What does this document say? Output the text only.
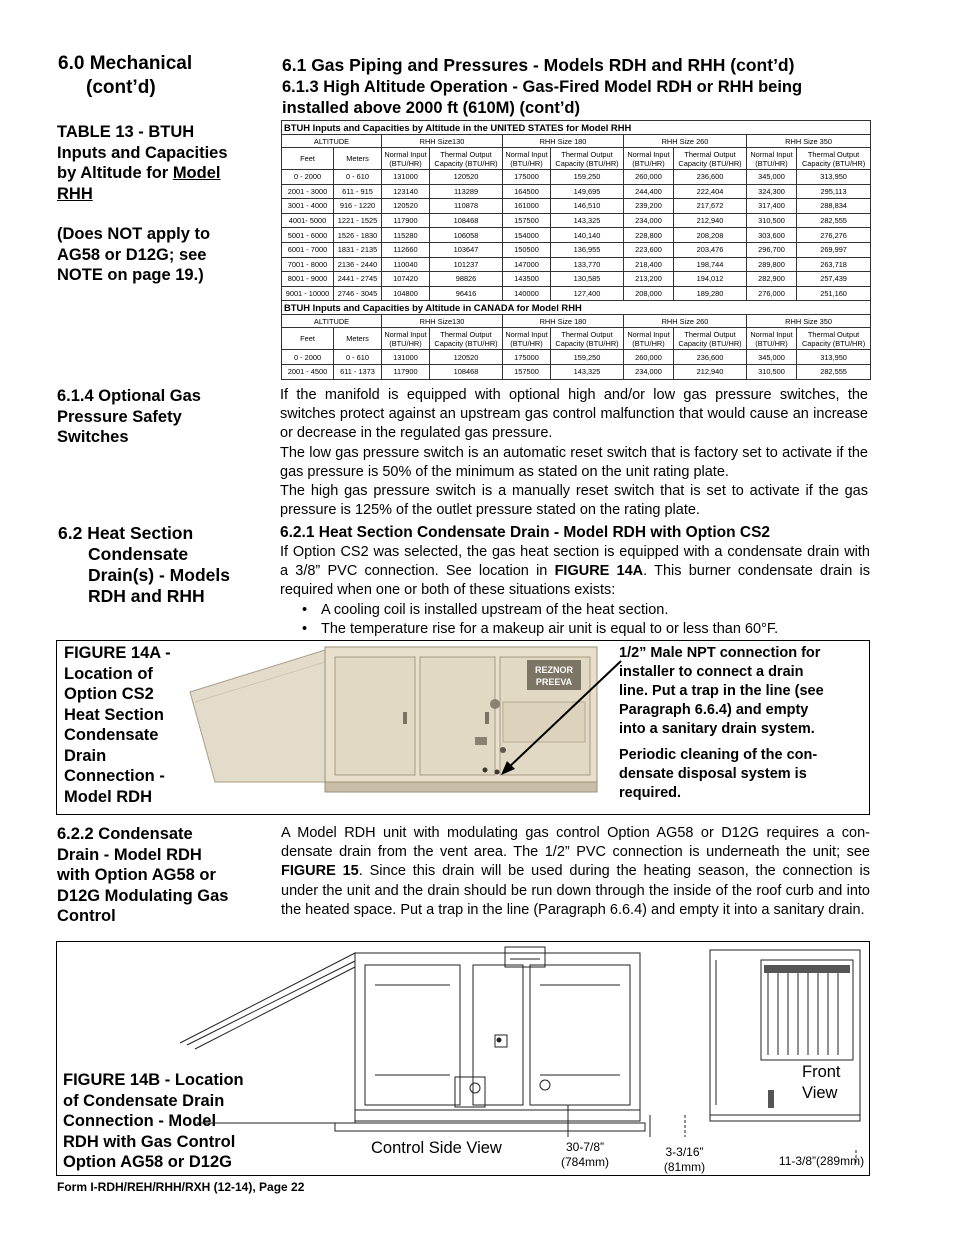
6.0 Mechanical
(cont’d)
6.1 Gas Piping and Pressures - Models RDH and RHH (cont’d)
6.1.3 High Altitude Operation - Gas-Fired Model RDH or RHH being
installed above 2000 ft (610M) (cont’d)
TABLE 13 - BTUH
Inputs and Capacities
by Altitude for Model
RHH
(Does NOT apply to
AG58 or D12G; see
NOTE on page 19.)
BTUH Inputs and Capacities by Altitude in the UNITED STATES for Model RHH									
ALTITUDE		RHH Size130		RHH Size 180		RHH Size 260		RHH Size 350	
Feet	Meters	Normal Input (BTU/HR)	Thermal Output Capacity (BTU/HR)	Normal Input (BTU/HR)	Thermal Output Capacity (BTU/HR)	Normal Input (BTU/HR)	Thermal Output Capacity (BTU/HR)	Normal Input (BTU/HR)	Thermal Output Capacity (BTU/HR)
0 - 2000	0 - 610	131000	120520	175000	159,250	260,000	236,600	345,000	313,950
2001 - 3000	611 - 915	123140	113289	164500	149,695	244,400	222,404	324,300	295,113
3001 - 4000	916 - 1220	120520	110878	161000	146,510	239,200	217,672	317,400	288,834
4001- 5000	1221 - 1525	117900	108468	157500	143,325	234,000	212,940	310,500	282,555
5001 - 6000	1526 - 1830	115280	106058	154000	140,140	228,800	208,208	303,600	276,276
6001 - 7000	1831 - 2135	112660	103647	150500	136,955	223,600	203,476	296,700	269,997
7001 - 8000	2136 - 2440	110040	101237	147000	133,770	218,400	198,744	289,800	263,718
8001 - 9000	2441 - 2745	107420	98826	143500	130,585	213,200	194,012	282,900	257,439
9001 - 10000	2746 - 3045	104800	96416	140000	127,400	208,000	189,280	276,000	251,160
BTUH Inputs and Capacities by Altitude in CANADA for Model RHH									
ALTITUDE		RHH Size130		RHH Size 180		RHH Size 260		RHH Size 350	
Feet	Meters	Normal Input (BTU/HR)	Thermal Output Capacity (BTU/HR)	Normal Input (BTU/HR)	Thermal Output Capacity (BTU/HR)	Normal Input (BTU/HR)	Thermal Output Capacity (BTU/HR)	Normal Input (BTU/HR)	Thermal Output Capacity (BTU/HR)
0 - 2000	0 - 610	131000	120520	175000	159,250	260,000	236,600	345,000	313,950
2001 - 4500	611 - 1373	117900	108468	157500	143,325	234,000	212,940	310,500	282,555
6.1.4 Optional Gas
Pressure Safety
Switches

If the manifold is equipped with optional high and/or low gas pressure switches, the switches protect against an upstream gas control malfunction that would cause an increase or decrease in the regulated gas pressure.

The low gas pressure switch is an automatic reset switch that is factory set to activate if the gas pressure is 50% of the minimum as stated on the unit rating plate.

The high gas pressure switch is a manually reset switch that is set to activate if the gas pressure is 125% of the outlet pressure stated on the rating plate.

6.2 Heat Section
Condensate
Drain(s) - Models
RDH and RHH
6.2.1 Heat Section Condensate Drain - Model RDH with Option CS2
If Option CS2 was selected, the gas heat section is equipped with a condensate drain with a 3/8” PVC connection. See location in FIGURE 14A. This burner condensate drain is required when one or both of these situations exists:
• A cooling coil is installed upstream of the heat section.
• The temperature rise for a makeup air unit is equal to or less than 60°F.
FIGURE 14A -
Location of
Option CS2
Heat Section
Condensate
Drain
Connection -
Model RDH
REZNOR
PREEVA
1/2” Male NPT connection for
installer to connect a drain
line. Put a trap in the line (see
Paragraph 6.6.4) and empty
into a sanitary drain system.
Periodic cleaning of the con-
densate disposal system is
required.
6.2.2 Condensate
Drain - Model RDH
with Option AG58 or
D12G Modulating Gas
Control
A Model RDH unit with modulating gas control Option AG58 or D12G requires a con-densate drain from the vent area. The 1/2” PVC connection is underneath the unit; see FIGURE 15. Since this drain will be used during the heating season, the connection is under the unit and the drain should be run down through the inside of the roof curb and into the heated space. Put a trap in the line (Paragraph 6.6.4) and empty it into a sanitary drain.
FIGURE 14B - Location
of Condensate Drain
Connection - Model
RDH with Gas Control
Option AG58 or D12G
Control Side View
Front
View
30-7/8”
(784mm)
3-3/16”
(81mm)	11-3/8”(289mm)
Form I-RDH/REH/RHH/RXH (12-14), Page 22
